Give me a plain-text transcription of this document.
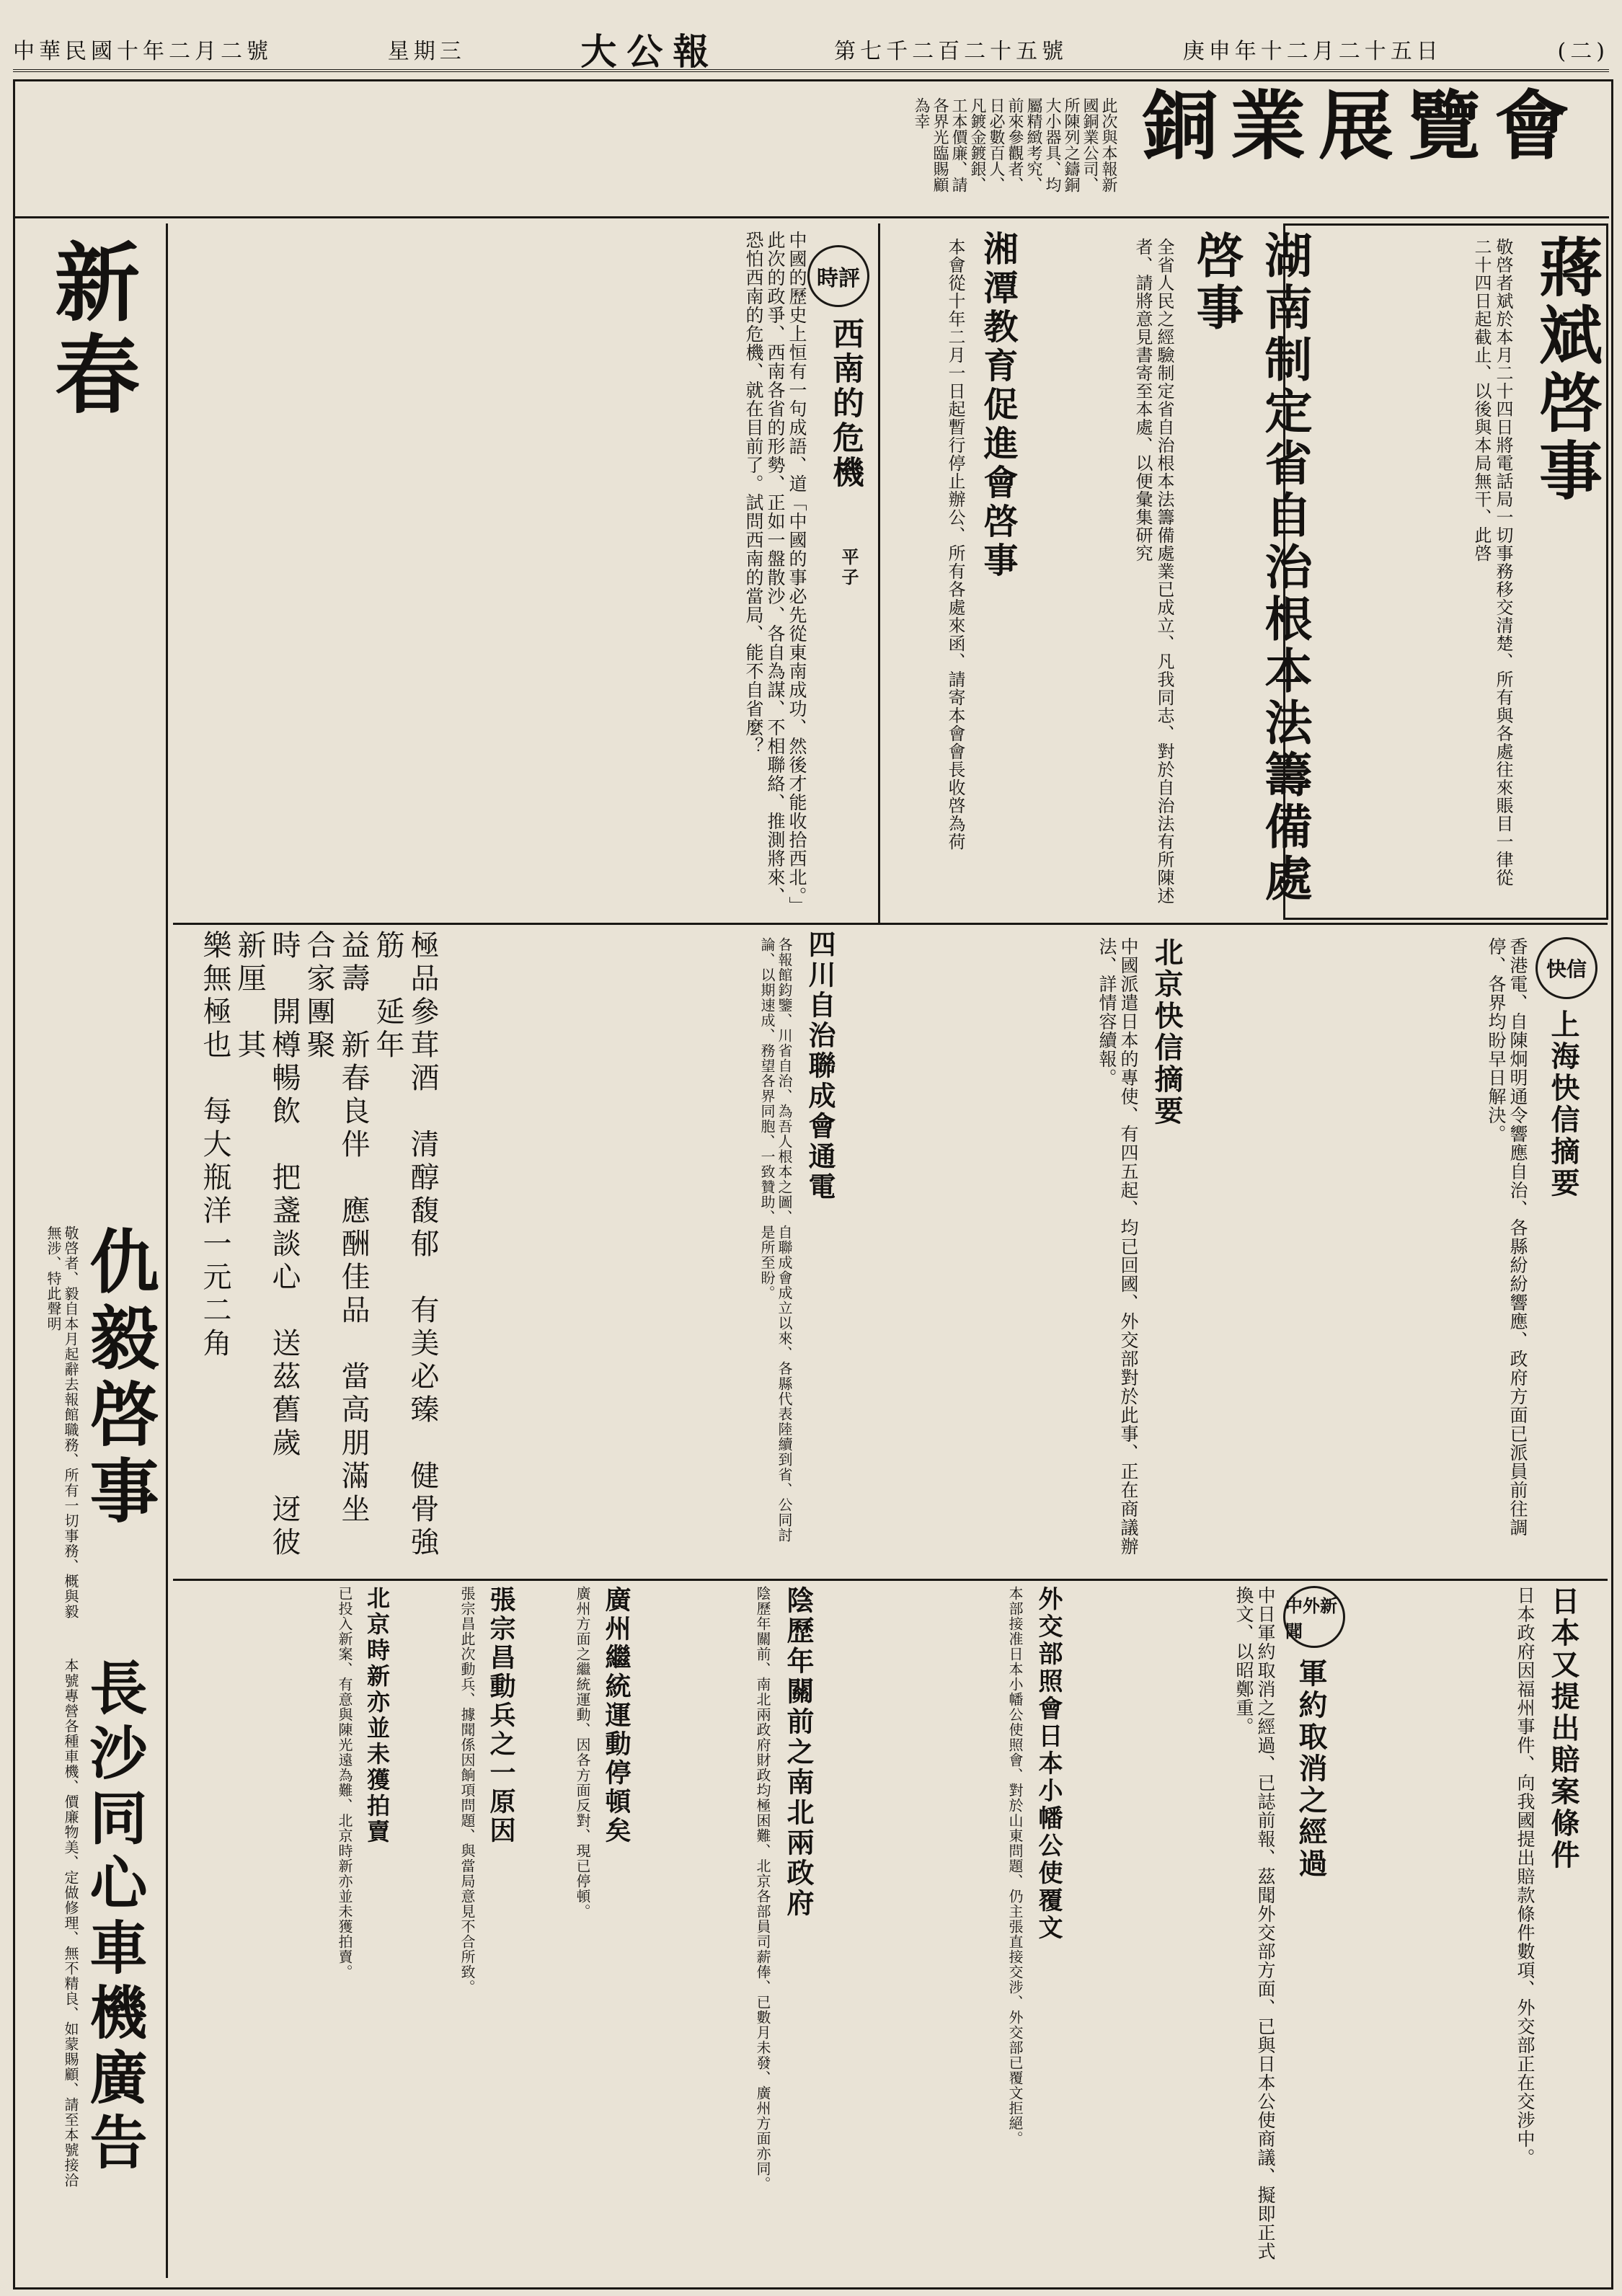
中華民國十年二月二號	星期三	大公報	第七千二百二十五號	庚申年十二月二十五日	(二)
銅業展覽會
此次與本報新國銅業公司、所陳列之鑄銅大小器具、均屬精緻考究、前來參觀者、日必數百人、凡鍍金鍍銀、工本價廉、請各界光臨賜顧為幸
蔣斌啓事
敬啓者斌於本月二十四日將電話局一切事務移交清楚、所有與各處往來賬目一律從二十四日起截止、以後與本局無干、此啓
湖南制定省自治根本法籌備處啓事
全省人民之經驗制定省自治根本法籌備處業已成立、凡我同志、對於自治法有所陳述者、請將意見書寄至本處、以便彙集研究
湘潭教育促進會啓事
本會從十年二月一日起暫行停止辦公、所有各處來函、請寄本會會長收啓為荷
時評
西南的危機
平子
中國的歷史上恒有一句成語、道「中國的事必先從東南成功、然後才能收拾西北。」此次的政爭、西南各省的形勢、正如一盤散沙、各自為謀、不相聯絡、推測將來、恐怕西南的危機、就在目前了。試問西南的當局、能不自省麼？
新春
四川自治聯成會通電
各報館鈞鑒、川省自治、為吾人根本之圖、自聯成會成立以來、各縣代表陸續到省、公同討論、以期速成、務望各界同胞、一致贊助、是所至盼。
極品參茸酒　清醇馥郁　有美必臻　健骨強筋　延年
益壽　新春良伴　應酬佳品　當高朋滿坐　合家團聚
時　開樽暢飲　把盞談心　送茲舊歲　迓彼新厘　其
樂無極也　每大瓶洋一元二角	快信
上海快信摘要
香港電、自陳炯明通令響應自治、各縣紛紛響應、政府方面已派員前往調停、各界均盼早日解決。
北京快信摘要
中國派遣日本的專使、有四五起、均已回國、外交部對於此事、正在商議辦法、詳情容續報。
日本又提出賠案條件
日本政府因福州事件、向我國提出賠款條件數項、外交部正在交涉中。
中外新聞
軍約取消之經過
中日軍約取消之經過、已誌前報、茲聞外交部方面、已與日本公使商議、擬即正式換文、以昭鄭重。
外交部照會日本小幡公使覆文
本部接准日本小幡公使照會、對於山東問題、仍主張直接交涉、外交部已覆文拒絕。
陰歷年關前之南北兩政府
陰歷年關前、南北兩政府財政均極困難、北京各部員司薪俸、已數月未發、廣州方面亦同。
廣州繼統運動停頓矣
廣州方面之繼統運動、因各方面反對、現已停頓。
張宗昌動兵之一原因
張宗昌此次動兵、據聞係因餉項問題、與當局意見不合所致。
北京時新亦並未獲拍賣
已投入新案、有意與陳光遠為難、北京時新亦並未獲拍賣。
仇毅啓事
敬啓者、毅自本月起辭去報館職務、所有一切事務、概與毅無涉、特此聲明
長沙同心車機廣告
本號專營各種車機、價廉物美、定做修理、無不精良、如蒙賜顧、請至本號接洽
